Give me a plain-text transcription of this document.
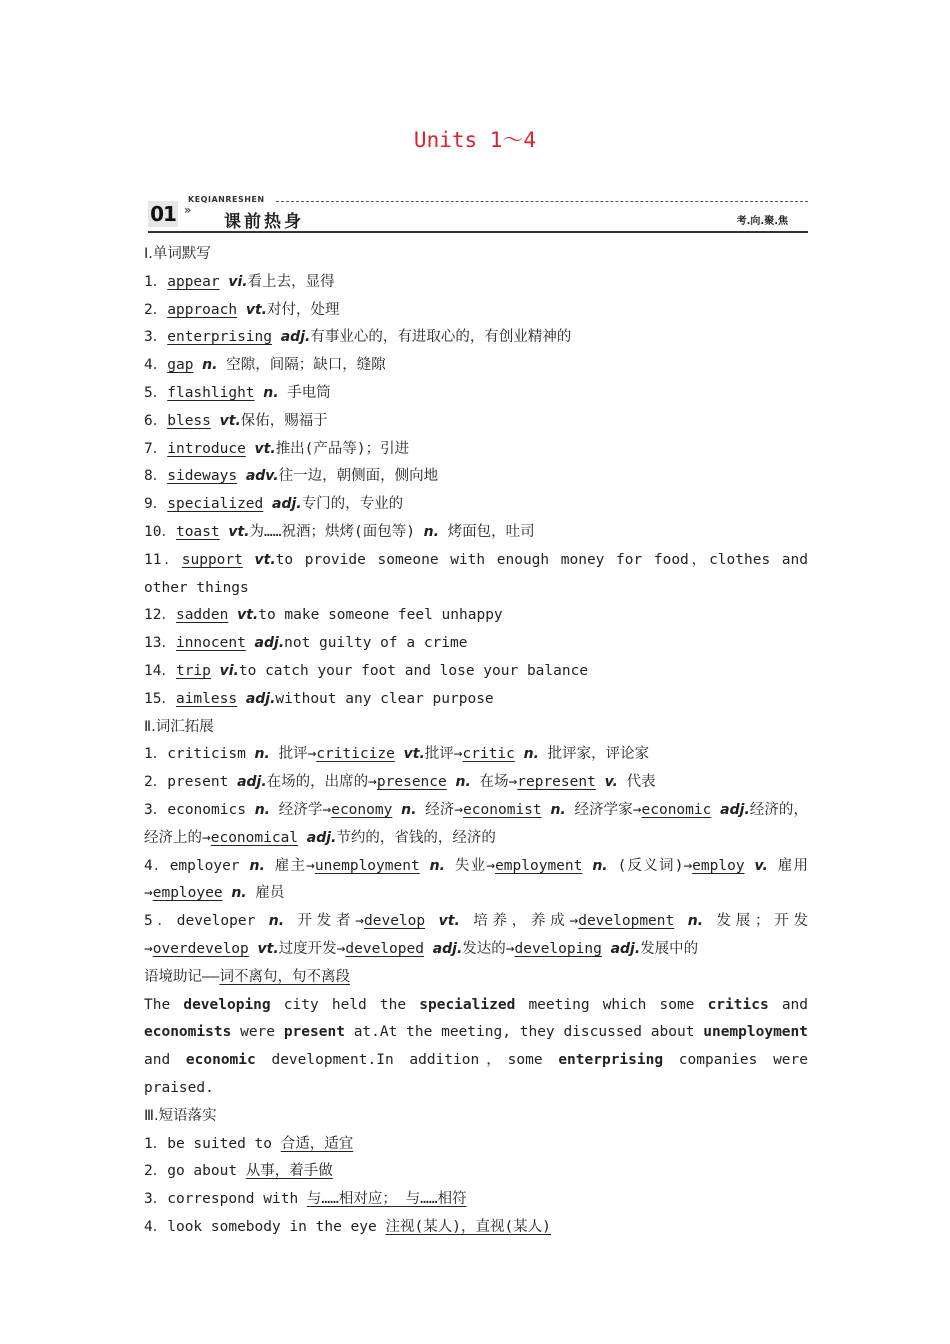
Units 1～4
01
KEQIANRESHEN
»
课前热身	考.向.聚.焦
Ⅰ.单词默写
1．appear vi.看上去，显得
2．approach vt.对付，处理
3．enterprising adj.有事业心的，有进取心的，有创业精神的
4．gap n. 空隙，间隔；缺口，缝隙
5．flashlight n. 手电筒
6．bless vt.保佑，赐福于
7．introduce vt.推出(产品等)；引进
8．sideways adv.往一边，朝侧面，侧向地
9．specialized adj.专门的，专业的
10．toast vt.为……祝酒；烘烤(面包等) n. 烤面包，吐司
11．support vt.to provide someone with enough money for food，clothes and other things
12．sadden vt.to make someone feel unhappy
13．innocent adj.not guilty of a crime
14．trip vi.to catch your foot and lose your balance
15．aimless adj.without any clear purpose
Ⅱ.词汇拓展
1．criticism n. 批评→criticize vt.批评→critic n. 批评家，评论家
2．present adj.在场的，出席的→presence n. 在场→represent v. 代表
3．economics n. 经济学→economy n. 经济→economist n. 经济学家→economic adj.经济的，经济上的→economical adj.节约的，省钱的，经济的
4．employer n. 雇主→unemployment n. 失业→employment n. (反义词)→employ v. 雇用→employee n. 雇员
5．developer n. 开发者→develop vt. 培养，养成→development n. 发展；开发→overdevelop vt.过度开发→developed adj.发达的→developing adj.发展中的
语境助记——词不离句，句不离段
The developing city held the specialized meeting which some critics and economists were present at.At the meeting, they discussed about unemployment and economic development.In addition，some enterprising companies were praised.
Ⅲ.短语落实
1．be suited to 合适，适宜
2．go about 从事，着手做
3．correspond with 与……相对应； 与……相符
4．look somebody in the eye 注视(某人)，直视(某人)
